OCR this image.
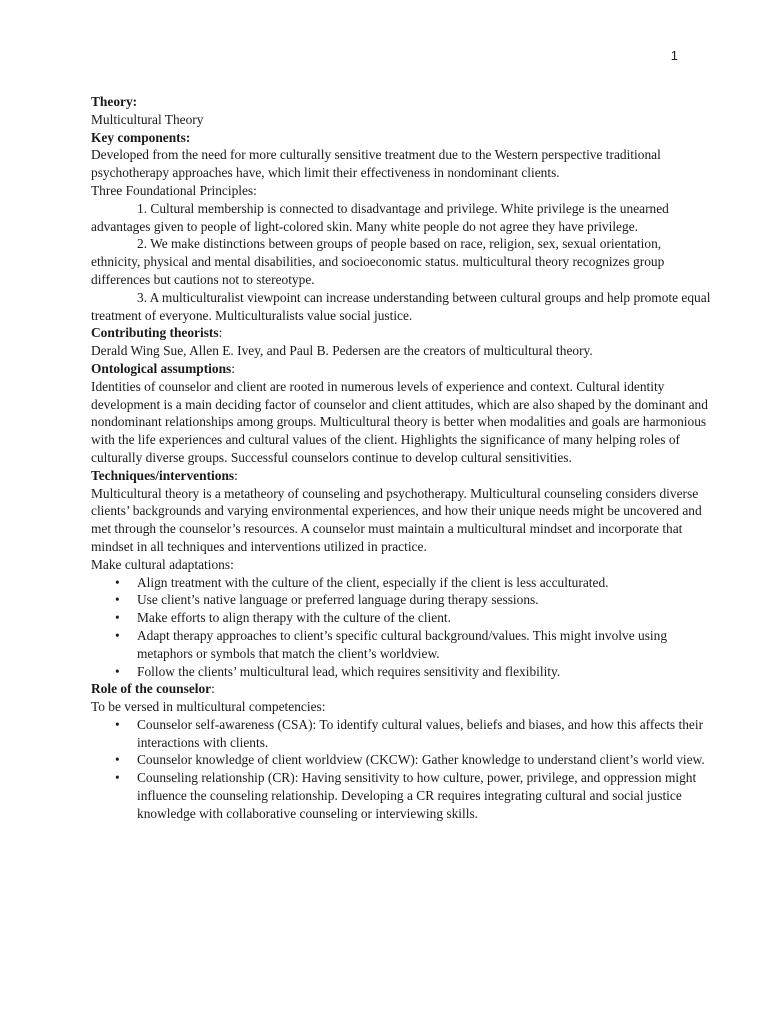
1

Theory:

Multicultural Theory

Key components:

Developed from the need for more culturally sensitive treatment due to the Western perspective traditional psychotherapy approaches have, which limit their effectiveness in nondominant clients.

Three Foundational Principles:

1. Cultural membership is connected to disadvantage and privilege. White privilege is the unearned advantages given to people of light-colored skin. Many white people do not agree they have privilege.

2. We make distinctions between groups of people based on race, religion, sex, sexual orientation, ethnicity, physical and mental disabilities, and socioeconomic status. multicultural theory recognizes group differences but cautions not to stereotype.

3. A multiculturalist viewpoint can increase understanding between cultural groups and help promote equal treatment of everyone. Multiculturalists value social justice.

Contributing theorists:

Derald Wing Sue, Allen E. Ivey, and Paul B. Pedersen are the creators of multicultural theory.

Ontological assumptions:

Identities of counselor and client are rooted in numerous levels of experience and context. Cultural identity development is a main deciding factor of counselor and client attitudes, which are also shaped by the dominant and nondominant relationships among groups. Multicultural theory is better when modalities and goals are harmonious with the life experiences and cultural values of the client. Highlights the significance of many helping roles of culturally diverse groups. Successful counselors continue to develop cultural sensitivities.

Techniques/interventions:

Multicultural theory is a metatheory of counseling and psychotherapy. Multicultural counseling considers diverse clients’ backgrounds and varying environmental experiences, and how their unique needs might be uncovered and met through the counselor’s resources. A counselor must maintain a multicultural mindset and incorporate that mindset in all techniques and interventions utilized in practice.

Make cultural adaptations:

• Align treatment with the culture of the client, especially if the client is less acculturated.
• Use client’s native language or preferred language during therapy sessions.
• Make efforts to align therapy with the culture of the client.
• Adapt therapy approaches to client’s specific cultural background/values. This might involve using metaphors or symbols that match the client’s worldview.
• Follow the clients’ multicultural lead, which requires sensitivity and flexibility.

Role of the counselor:

To be versed in multicultural competencies:

• Counselor self-awareness (CSA): To identify cultural values, beliefs and biases, and how this affects their interactions with clients.
• Counselor knowledge of client worldview (CKCW): Gather knowledge to understand client’s world view.
• Counseling relationship (CR): Having sensitivity to how culture, power, privilege, and oppression might influence the counseling relationship. Developing a CR requires integrating cultural and social justice knowledge with collaborative counseling or interviewing skills.
